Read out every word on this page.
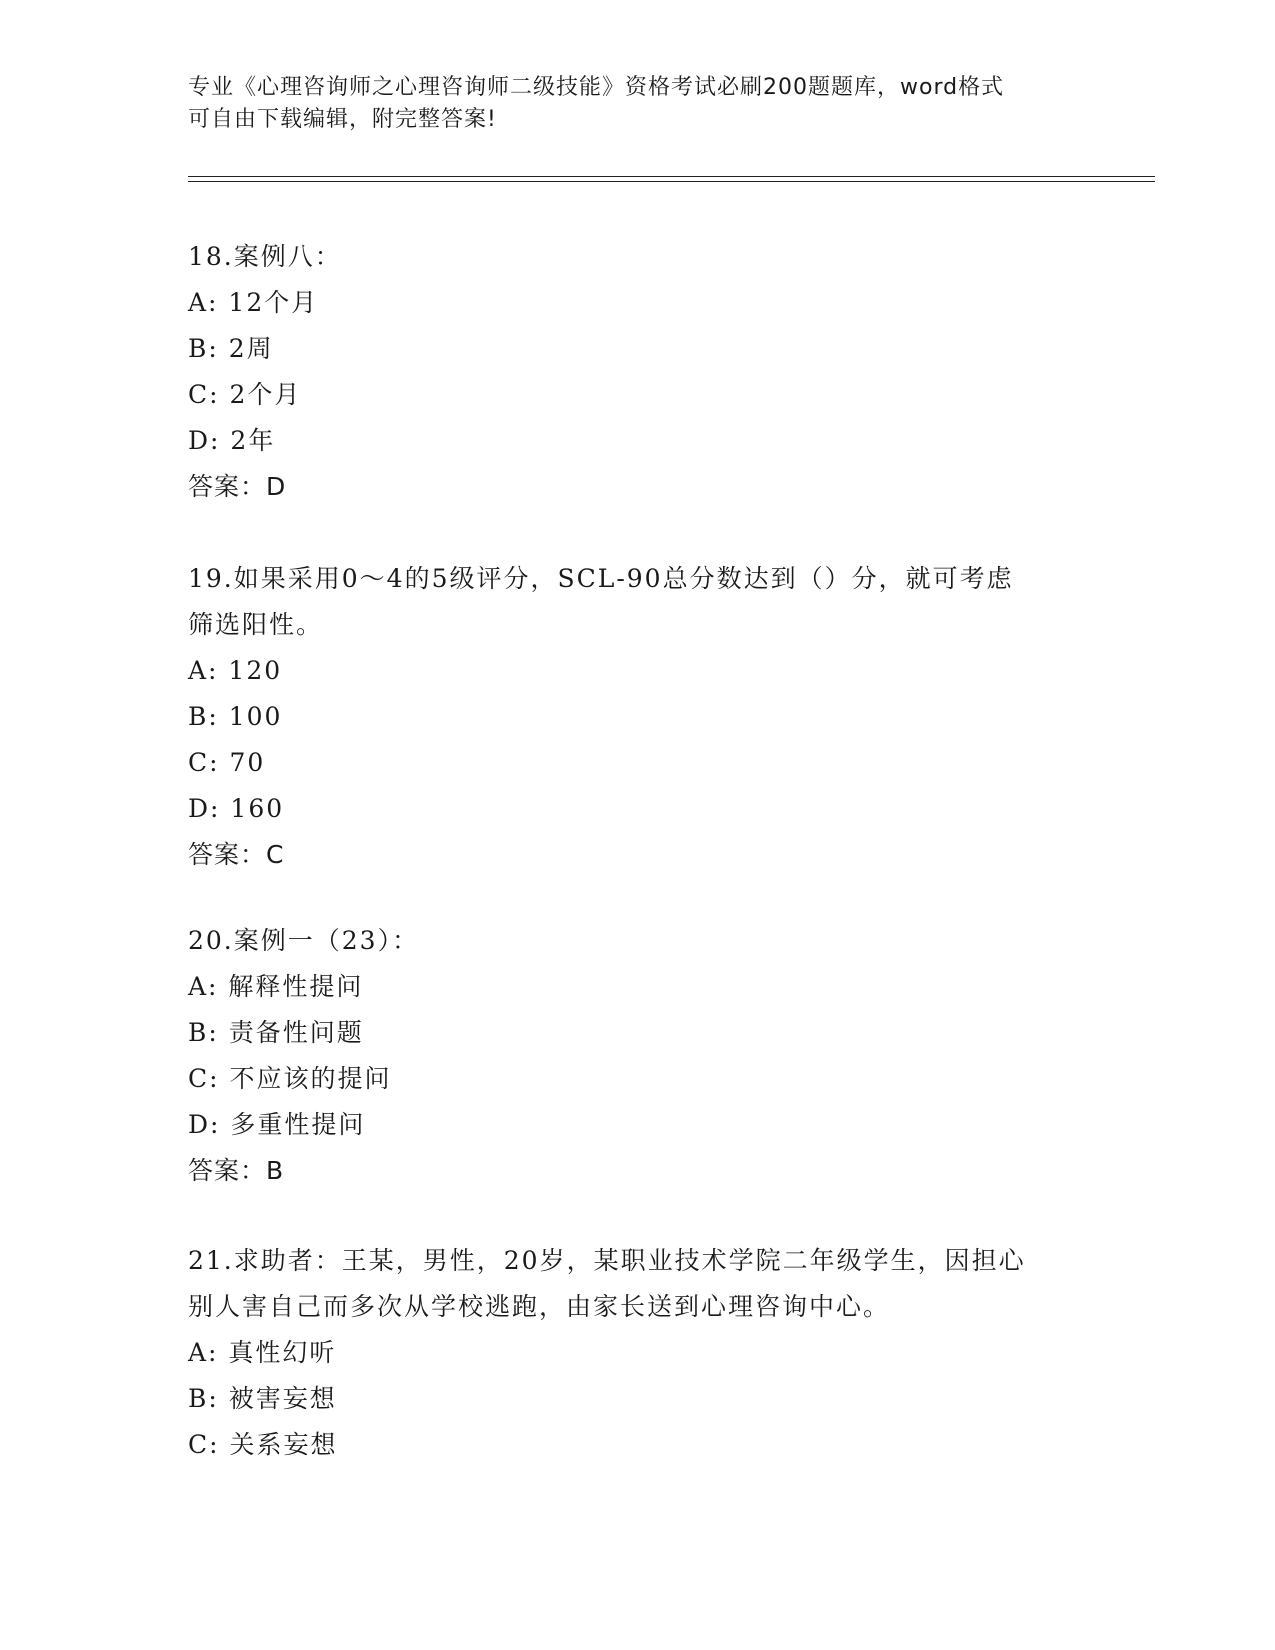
专业《心理咨询师之心理咨询师二级技能》资格考试必刷200题题库，word格式
可自由下载编辑，附完整答案!
18.案例八：
A: 12个月
B: 2周
C: 2个月
D: 2年
答案：D
19.如果采用0～4的5级评分，SCL-90总分数达到（）分，就可考虑
筛选阳性。
A: 120
B: 100
C: 70
D: 160
答案：C
20.案例一（23）：
A: 解释性提问
B: 责备性问题
C: 不应该的提问
D: 多重性提问
答案：B
21.求助者：王某，男性，20岁，某职业技术学院二年级学生，因担心
别人害自己而多次从学校逃跑，由家长送到心理咨询中心。
A: 真性幻听
B: 被害妄想
C: 关系妄想
